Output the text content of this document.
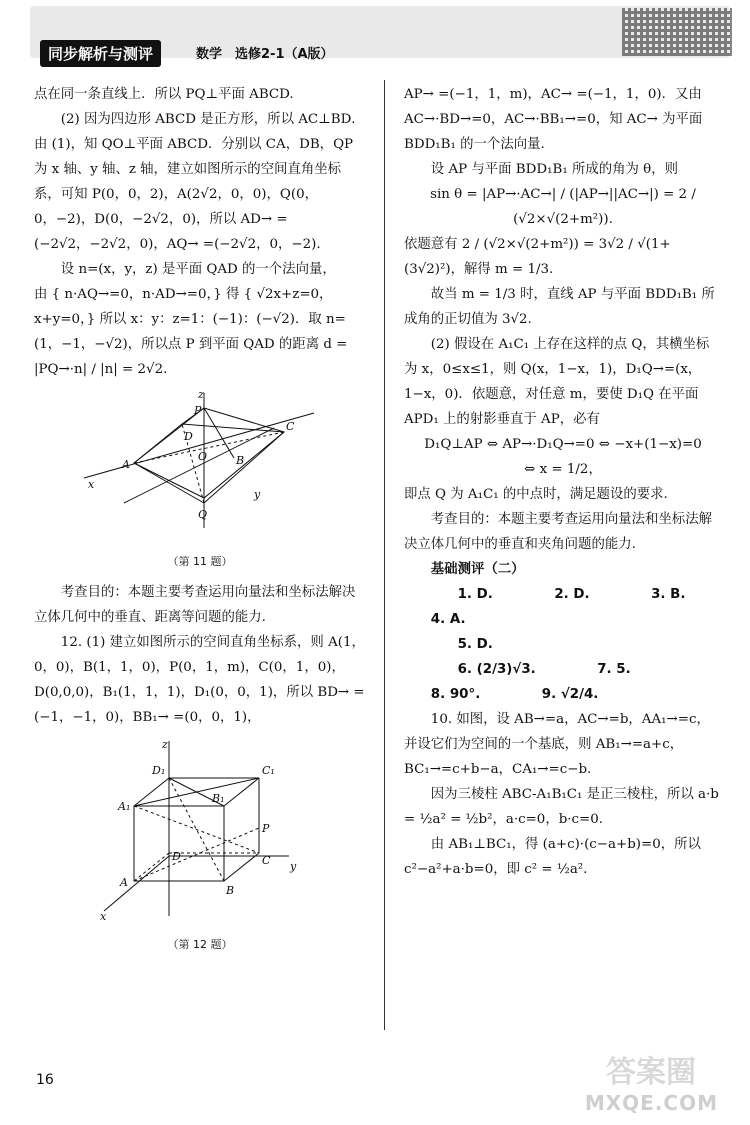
同步解析与测评	数学　选修2-1（A版）

点在同一条直线上．所以 PQ⊥平面 ABCD.

(2) 因为四边形 ABCD 是正方形，所以 AC⊥BD．由 (1)，知 QO⊥平面 ABCD．分别以 CA，DB，QP 为 x 轴、y 轴、z 轴，建立如图所示的空间直角坐标系，可知 P(0，0，2)，A(2√2，0，0)，Q(0，0，−2)，D(0，−2√2，0)，所以 AD→ =(−2√2，−2√2，0)，AQ→ =(−2√2，0，−2).

设 n=(x，y，z) 是平面 QAD 的一个法向量，

由 { n·AQ→=0，n·AD→=0，} 得 { √2x+z=0，x+y=0，} 所以 x：y：z=1：(−1)：(−√2)．取 n=(1，−1，−√2)，所以点 P 到平面 QAD 的距离 d = |PQ→·n| / |n| = 2√2.

z
P
D
C
A
O	B
x
y
Q
（第 11 题）

考查目的：本题主要考查运用向量法和坐标法解决立体几何中的垂直、距离等问题的能力.

12. (1) 建立如图所示的空间直角坐标系，则 A(1，0，0)，B(1，1，0)，P(0，1，m)，C(0，1，0)，D(0,0,0)，B₁(1，1，1)，D₁(0，0，1)，所以 BD→ =(−1，−1，0)，BB₁→ =(0，0，1)，

z
D₁	C₁
B₁
A₁
P
D	C
A
B
y
x
（第 12 题）

AP→ =(−1，1，m)，AC→ =(−1，1，0)．又由 AC→·BD→=0，AC→·BB₁→=0，知 AC→ 为平面 BDD₁B₁ 的一个法向量.

设 AP 与平面 BDD₁B₁ 所成的角为 θ，则

sin θ = |AP→·AC→| / (|AP→||AC→|) = 2 / (√2×√(2+m²)).

依题意有 2 / (√2×√(2+m²)) = 3√2 / √(1+(3√2)²)，解得 m = 1/3.

故当 m = 1/3 时，直线 AP 与平面 BDD₁B₁ 所成角的正切值为 3√2.

(2) 假设在 A₁C₁ 上存在这样的点 Q，其横坐标为 x，0≤x≤1，则 Q(x，1−x，1)，D₁Q→=(x，1−x，0)．依题意，对任意 m，要使 D₁Q 在平面 APD₁ 上的射影垂直于 AP，必有

D₁Q⊥AP ⇔ AP→·D₁Q→=0 ⇔ −x+(1−x)=0

⇔ x = 1/2，

即点 Q 为 A₁C₁ 的中点时，满足题设的要求.

考查目的：本题主要考查运用向量法和坐标法解决立体几何中的垂直和夹角问题的能力.

基础测评（二）

1. D.	2. D.	3. B. 4. A.

5. D.

6. (2/3)√3.	7. 5. 8. 90°.	9. √2/4.

10. 如图，设 AB→=a，AC→=b，AA₁→=c，并设它们为空间的一个基底，则 AB₁→=a+c，BC₁→=c+b−a，CA₁→=c−b.

因为三棱柱 ABC-A₁B₁C₁ 是正三棱柱，所以 a·b = ½a² = ½b²，a·c=0，b·c=0.

由 AB₁⊥BC₁，得 (a+c)·(c−a+b)=0，所以 c²−a²+a·b=0，即 c² = ½a².

16	答案圈
MXQE.COM
